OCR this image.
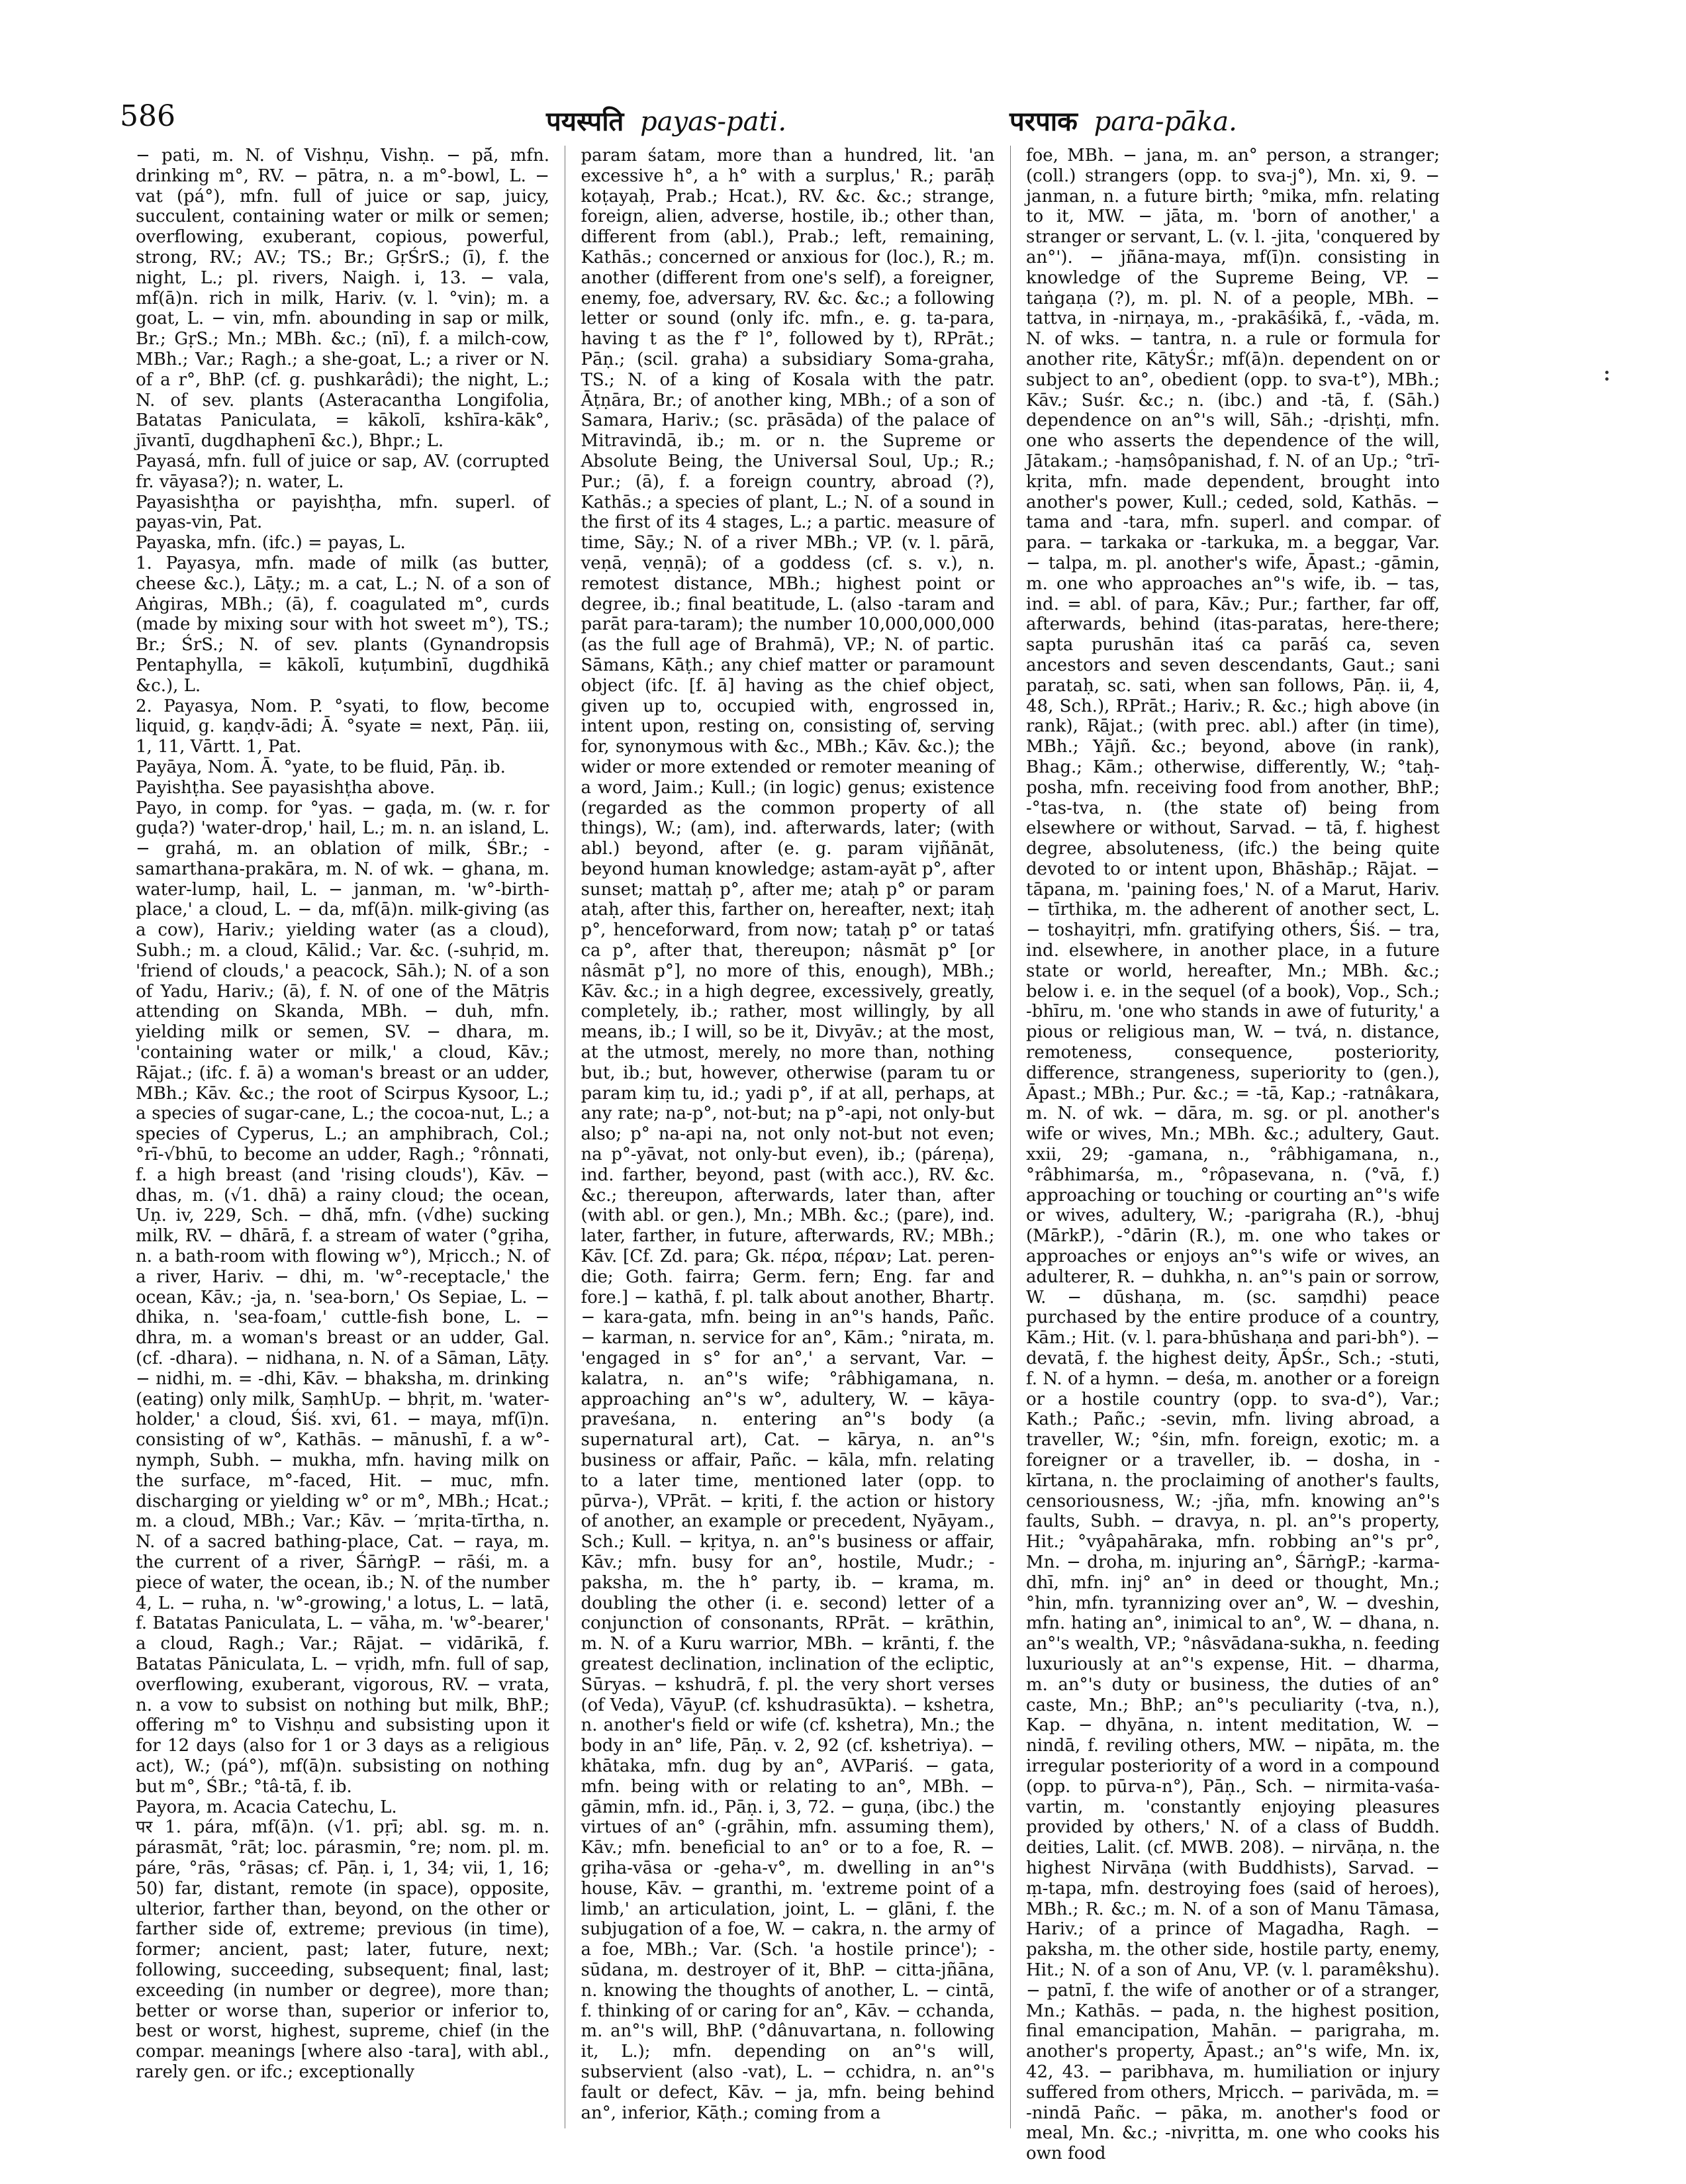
586	पयस्पति payas-pati.	परपाक para-pāka.

− pati, m. N. of Vishṇu, Vishṇ. − pā́, mfn. drinking m°, RV. − pātra, n. a m°-bowl, L. − vat (pá°), mfn. full of juice or sap, juicy, succulent, containing water or milk or semen; overflowing, exuberant, copious, powerful, strong, RV.; AV.; TS.; Br.; GṛŚrS.; (ī), f. the night, L.; pl. rivers, Naigh. i, 13. − vala, mf(ā)n. rich in milk, Hariv. (v. l. °vin); m. a goat, L. − vin, mfn. abounding in sap or milk, Br.; GṛS.; Mn.; MBh. &c.; (nī), f. a milch-cow, MBh.; Var.; Ragh.; a she-goat, L.; a river or N. of a r°, BhP. (cf. g. pushkarâdi); the night, L.; N. of sev. plants (Asteracantha Longifolia, Batatas Paniculata, = kākolī, kshīra-kāk°, jīvantī, dugdhaphenī &c.), Bhpr.; L.

Payasá, mfn. full of juice or sap, AV. (corrupted fr. vāyasa?); n. water, L.

Payasishṭha or payishṭha, mfn. superl. of payas-vin, Pat.

Payaska, mfn. (ifc.) = payas, L.

1. Payasya, mfn. made of milk (as butter, cheese &c.), Lāṭy.; m. a cat, L.; N. of a son of Aṅgiras, MBh.; (ā), f. coagulated m°, curds (made by mixing sour with hot sweet m°), TS.; Br.; ŚrS.; N. of sev. plants (Gynandropsis Pentaphylla, = kākolī, kuṭumbinī, dugdhikā &c.), L.

2. Payasya, Nom. P. °syati, to flow, become liquid, g. kaṇḍv-ādi; Ā. °syate = next, Pāṇ. iii, 1, 11, Vārtt. 1, Pat.

Payāya, Nom. Ā. °yate, to be fluid, Pāṇ. ib.

Payishṭha. See payasishṭha above.

Payo, in comp. for °yas. − gaḍa, m. (w. r. for guḍa?) 'water-drop,' hail, L.; m. n. an island, L. − grahá, m. an oblation of milk, ŚBr.; -samarthana-prakāra, m. N. of wk. − ghana, m. water-lump, hail, L. − janman, m. 'w°-birth-place,' a cloud, L. − da, mf(ā)n. milk-giving (as a cow), Hariv.; yielding water (as a cloud), Subh.; m. a cloud, Kālid.; Var. &c. (-suhṛid, m. 'friend of clouds,' a peacock, Sāh.); N. of a son of Yadu, Hariv.; (ā), f. N. of one of the Mātṛis attending on Skanda, MBh. − duh, mfn. yielding milk or semen, SV. − dhara, m. 'containing water or milk,' a cloud, Kāv.; Rājat.; (ifc. f. ā) a woman's breast or an udder, MBh.; Kāv. &c.; the root of Scirpus Kysoor, L.; a species of sugar-cane, L.; the cocoa-nut, L.; a species of Cyperus, L.; an amphibrach, Col.; °rī-√bhū, to become an udder, Ragh.; °rônnati, f. a high breast (and 'rising clouds'), Kāv. − dhas, m. (√1. dhā) a rainy cloud; the ocean, Uṇ. iv, 229, Sch. − dhā́, mfn. (√dhe) sucking milk, RV. − dhārā, f. a stream of water (°gṛiha, n. a bath-room with flowing w°), Mṛicch.; N. of a river, Hariv. − dhi, m. 'w°-receptacle,' the ocean, Kāv.; -ja, n. 'sea-born,' Os Sepiae, L. − dhika, n. 'sea-foam,' cuttle-fish bone, L. − dhra, m. a woman's breast or an udder, Gal. (cf. -dhara). − nidhana, n. N. of a Sāman, Lāṭy. − nidhi, m. = -dhi, Kāv. − bhaksha, m. drinking (eating) only milk, SaṃhUp. − bhṛit, m. 'water-holder,' a cloud, Śiś. xvi, 61. − maya, mf(ī)n. consisting of w°, Kathās. − mānushī, f. a w°-nymph, Subh. − mukha, mfn. having milk on the surface, m°-faced, Hit. − muc, mfn. discharging or yielding w° or m°, MBh.; Hcat.; m. a cloud, MBh.; Var.; Kāv. − ′mṛita-tīrtha, n. N. of a sacred bathing-place, Cat. − raya, m. the current of a river, ŚārṅgP. − rāśi, m. a piece of water, the ocean, ib.; N. of the number 4, L. − ruha, n. 'w°-growing,' a lotus, L. − latā, f. Batatas Paniculata, L. − vāha, m. 'w°-bearer,' a cloud, Ragh.; Var.; Rājat. − vidārikā, f. Batatas Pāniculata, L. − vṛidh, mfn. full of sap, overflowing, exuberant, vigorous, RV. − vrata, n. a vow to subsist on nothing but milk, BhP.; offering m° to Vishṇu and subsisting upon it for 12 days (also for 1 or 3 days as a religious act), W.; (pá°), mf(ā)n. subsisting on nothing but m°, ŚBr.; °tâ-tā, f. ib.

Payora, m. Acacia Catechu, L.

पर 1. pára, mf(ā)n. (√1. pṛī; abl. sg. m. n. párasmāt, °rāt; loc. párasmin, °re; nom. pl. m. páre, °rās, °rāsas; cf. Pāṇ. i, 1, 34; vii, 1, 16; 50) far, distant, remote (in space), opposite, ulterior, farther than, beyond, on the other or farther side of, extreme; previous (in time), former; ancient, past; later, future, next; following, succeeding, subsequent; final, last; exceeding (in number or degree), more than; better or worse than, superior or inferior to, best or worst, highest, supreme, chief (in the compar. meanings [where also -tara], with abl., rarely gen. or ifc.; exceptionally

param śatam, more than a hundred, lit. 'an excessive h°, a h° with a surplus,' R.; parāḥ koṭayaḥ, Prab.; Hcat.), RV. &c. &c.; strange, foreign, alien, adverse, hostile, ib.; other than, different from (abl.), Prab.; left, remaining, Kathās.; concerned or anxious for (loc.), R.; m. another (different from one's self), a foreigner, enemy, foe, adversary, RV. &c. &c.; a following letter or sound (only ifc. mfn., e. g. ta-para, having t as the f° l°, followed by t), RPrāt.; Pāṇ.; (scil. graha) a subsidiary Soma-graha, TS.; N. of a king of Kosala with the patr. Āṭṇāra, Br.; of another king, MBh.; of a son of Samara, Hariv.; (sc. prāsāda) of the palace of Mitravindā, ib.; m. or n. the Supreme or Absolute Being, the Universal Soul, Up.; R.; Pur.; (ā), f. a foreign country, abroad (?), Kathās.; a species of plant, L.; N. of a sound in the first of its 4 stages, L.; a partic. measure of time, Sāy.; N. of a river MBh.; VP. (v. l. pārā, veṇā, veṇṇā); of a goddess (cf. s. v.), n. remotest distance, MBh.; highest point or degree, ib.; final beatitude, L. (also -taram and parāt para-taram); the number 10,000,000,000 (as the full age of Brahmā), VP.; N. of partic. Sāmans, Kāṭh.; any chief matter or paramount object (ifc. [f. ā] having as the chief object, given up to, occupied with, engrossed in, intent upon, resting on, consisting of, serving for, synonymous with &c., MBh.; Kāv. &c.); the wider or more extended or remoter meaning of a word, Jaim.; Kull.; (in logic) genus; existence (regarded as the common property of all things), W.; (am), ind. afterwards, later; (with abl.) beyond, after (e. g. param vijñānāt, beyond human knowledge; astam-ayāt p°, after sunset; mattaḥ p°, after me; ataḥ p° or param ataḥ, after this, farther on, hereafter, next; itaḥ p°, henceforward, from now; tataḥ p° or tataś ca p°, after that, thereupon; nâsmāt p° [or nâsmāt p°], no more of this, enough), MBh.; Kāv. &c.; in a high degree, excessively, greatly, completely, ib.; rather, most willingly, by all means, ib.; I will, so be it, Divyāv.; at the most, at the utmost, merely, no more than, nothing but, ib.; but, however, otherwise (param tu or param kiṃ tu, id.; yadi p°, if at all, perhaps, at any rate; na-p°, not-but; na p°-api, not only-but also; p° na-api na, not only not-but not even; na p°-yāvat, not only-but even), ib.; (páreṇa), ind. farther, beyond, past (with acc.), RV. &c. &c.; thereupon, afterwards, later than, after (with abl. or gen.), Mn.; MBh. &c.; (pare), ind. later, farther, in future, afterwards, RV.; MBh.; Kāv. [Cf. Zd. para; Gk. πέρα, πέραν; Lat. peren-die; Goth. fairra; Germ. fern; Eng. far and fore.] − kathā, f. pl. talk about another, Bhartṛ. − kara-gata, mfn. being in an°'s hands, Pañc. − karman, n. service for an°, Kām.; °nirata, m. 'engaged in s° for an°,' a servant, Var. − kalatra, n. an°'s wife; °râbhigamana, n. approaching an°'s w°, adultery, W. − kāya-praveśana, n. entering an°'s body (a supernatural art), Cat. − kārya, n. an°'s business or affair, Pañc. − kāla, mfn. relating to a later time, mentioned later (opp. to pūrva-), VPrāt. − kṛiti, f. the action or history of another, an example or precedent, Nyāyam., Sch.; Kull. − kṛitya, n. an°'s business or affair, Kāv.; mfn. busy for an°, hostile, Mudr.; -paksha, m. the h° party, ib. − krama, m. doubling the other (i. e. second) letter of a conjunction of consonants, RPrāt. − krāthin, m. N. of a Kuru warrior, MBh. − krānti, f. the greatest declination, inclination of the ecliptic, Sūryas. − kshudrā, f. pl. the very short verses (of Veda), VāyuP. (cf. kshudrasūkta). − kshetra, n. another's field or wife (cf. kshetra), Mn.; the body in an° life, Pāṇ. v. 2, 92 (cf. kshetriya). − khātaka, mfn. dug by an°, AVPariś. − gata, mfn. being with or relating to an°, MBh. − gāmin, mfn. id., Pāṇ. i, 3, 72. − guṇa, (ibc.) the virtues of an° (-grāhin, mfn. assuming them), Kāv.; mfn. beneficial to an° or to a foe, R. − gṛiha-vāsa or -geha-v°, m. dwelling in an°'s house, Kāv. − granthi, m. 'extreme point of a limb,' an articulation, joint, L. − glāni, f. the subjugation of a foe, W. − cakra, n. the army of a foe, MBh.; Var. (Sch. 'a hostile prince'); -sūdana, m. destroyer of it, BhP. − citta-jñāna, n. knowing the thoughts of another, L. − cintā, f. thinking of or caring for an°, Kāv. − cchanda, m. an°'s will, BhP. (°dânuvartana, n. following it, L.); mfn. depending on an°'s will, subservient (also -vat), L. − cchidra, n. an°'s fault or defect, Kāv. − ja, mfn. being behind an°, inferior, Kāṭh.; coming from a

foe, MBh. − jana, m. an° person, a stranger; (coll.) strangers (opp. to sva-j°), Mn. xi, 9. − janman, n. a future birth; °mika, mfn. relating to it, MW. − jāta, m. 'born of another,' a stranger or servant, L. (v. l. -jita, 'conquered by an°'). − jñāna-maya, mf(ī)n. consisting in knowledge of the Supreme Being, VP. − taṅgaṇa (?), m. pl. N. of a people, MBh. − tattva, in -nirṇaya, m., -prakāśikā, f., -vāda, m. N. of wks. − tantra, n. a rule or formula for another rite, KātyŚr.; mf(ā)n. dependent on or subject to an°, obedient (opp. to sva-t°), MBh.; Kāv.; Suśr. &c.; n. (ibc.) and -tā, f. (Sāh.) dependence on an°'s will, Sāh.; -dṛishṭi, mfn. one who asserts the dependence of the will, Jātakam.; -haṃsôpanishad, f. N. of an Up.; °trī-kṛita, mfn. made dependent, brought into another's power, Kull.; ceded, sold, Kathās. − tama and -tara, mfn. superl. and compar. of para. − tarkaka or -tarkuka, m. a beggar, Var. − talpa, m. pl. another's wife, Āpast.; -gāmin, m. one who approaches an°'s wife, ib. − tas, ind. = abl. of para, Kāv.; Pur.; farther, far off, afterwards, behind (itas-paratas, here-there; sapta purushān itaś ca parāś ca, seven ancestors and seven descendants, Gaut.; sani parataḥ, sc. sati, when san follows, Pāṇ. ii, 4, 48, Sch.), RPrāt.; Hariv.; R. &c.; high above (in rank), Rājat.; (with prec. abl.) after (in time), MBh.; Yājñ. &c.; beyond, above (in rank), Bhag.; Kām.; otherwise, differently, W.; °taḥ-posha, mfn. receiving food from another, BhP.; -°tas-tva, n. (the state of) being from elsewhere or without, Sarvad. − tā, f. highest degree, absoluteness, (ifc.) the being quite devoted to or intent upon, Bhāshāp.; Rājat. − tāpana, m. 'paining foes,' N. of a Marut, Hariv. − tīrthika, m. the adherent of another sect, L. − toshayitṛi, mfn. gratifying others, Śiś. − tra, ind. elsewhere, in another place, in a future state or world, hereafter, Mn.; MBh. &c.; below i. e. in the sequel (of a book), Vop., Sch.; -bhīru, m. 'one who stands in awe of futurity,' a pious or religious man, W. − tvá, n. distance, remoteness, consequence, posteriority, difference, strangeness, superiority to (gen.), Āpast.; MBh.; Pur. &c.; = -tā, Kap.; -ratnâkara, m. N. of wk. − dāra, m. sg. or pl. another's wife or wives, Mn.; MBh. &c.; adultery, Gaut. xxii, 29; -gamana, n., °râbhigamana, n., °râbhimarśa, m., °rôpasevana, n. (°vā, f.) approaching or touching or courting an°'s wife or wives, adultery, W.; -parigraha (R.), -bhuj (MārkP.), -°dārin (R.), m. one who takes or approaches or enjoys an°'s wife or wives, an adulterer, R. − duhkha, n. an°'s pain or sorrow, W. − dūshaṇa, m. (sc. saṃdhi) peace purchased by the entire produce of a country, Kām.; Hit. (v. l. para-bhūshaṇa and pari-bh°). − devatā, f. the highest deity, ĀpŚr., Sch.; -stuti, f. N. of a hymn. − deśa, m. another or a foreign or a hostile country (opp. to sva-d°), Var.; Kath.; Pañc.; -sevin, mfn. living abroad, a traveller, W.; °śin, mfn. foreign, exotic; m. a foreigner or a traveller, ib. − dosha, in -kīrtana, n. the proclaiming of another's faults, censoriousness, W.; -jña, mfn. knowing an°'s faults, Subh. − dravya, n. pl. an°'s property, Hit.; °vyâpahāraka, mfn. robbing an°'s pr°, Mn. − droha, m. injuring an°, ŚārṅgP.; -karma-dhī, mfn. inj° an° in deed or thought, Mn.; °hin, mfn. tyrannizing over an°, W. − dveshin, mfn. hating an°, inimical to an°, W. − dhana, n. an°'s wealth, VP.; °nâsvādana-sukha, n. feeding luxuriously at an°'s expense, Hit. − dharma, m. an°'s duty or business, the duties of an° caste, Mn.; BhP.; an°'s peculiarity (-tva, n.), Kap. − dhyāna, n. intent meditation, W. − nindā, f. reviling others, MW. − nipāta, m. the irregular posteriority of a word in a compound (opp. to pūrva-n°), Pāṇ., Sch. − nirmita-vaśa-vartin, m. 'constantly enjoying pleasures provided by others,' N. of a class of Buddh. deities, Lalit. (cf. MWB. 208). − nirvāṇa, n. the highest Nirvāṇa (with Buddhists), Sarvad. − ṃ-tapa, mfn. destroying foes (said of heroes), MBh.; R. &c.; m. N. of a son of Manu Tāmasa, Hariv.; of a prince of Magadha, Ragh. − paksha, m. the other side, hostile party, enemy, Hit.; N. of a son of Anu, VP. (v. l. paramêkshu). − patnī, f. the wife of another or of a stranger, Mn.; Kathās. − pada, n. the highest position, final emancipation, Mahān. − parigraha, m. another's property, Āpast.; an°'s wife, Mn. ix, 42, 43. − paribhava, m. humiliation or injury suffered from others, Mṛicch. − parivāda, m. = -nindā Pañc. − pāka, m. another's food or meal, Mn. &c.; -nivṛitta, m. one who cooks his own food
